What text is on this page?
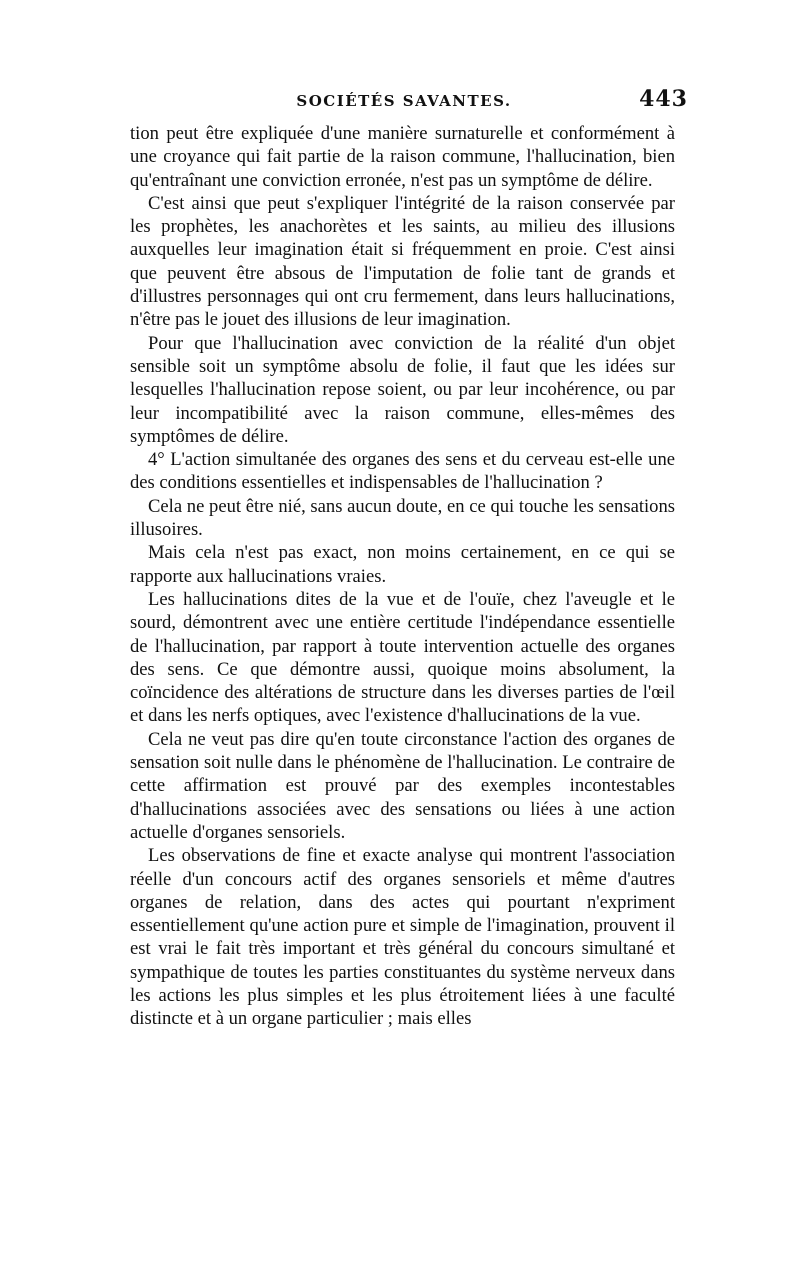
SOCIÉTÉS SAVANTES.	443

tion peut être expliquée d'une manière surnaturelle et conformément à une croyance qui fait partie de la raison commune, l'hallucination, bien qu'entraînant une conviction erronée, n'est pas un symptôme de délire.

C'est ainsi que peut s'expliquer l'intégrité de la raison conservée par les prophètes, les anachorètes et les saints, au milieu des illusions auxquelles leur imagination était si fréquemment en proie. C'est ainsi que peuvent être absous de l'imputation de folie tant de grands et d'illustres personnages qui ont cru fermement, dans leurs hallucinations, n'être pas le jouet des illusions de leur imagination.

Pour que l'hallucination avec conviction de la réalité d'un objet sensible soit un symptôme absolu de folie, il faut que les idées sur lesquelles l'hallucination repose soient, ou par leur incohérence, ou par leur incompatibilité avec la raison commune, elles-mêmes des symptômes de délire.

4° L'action simultanée des organes des sens et du cerveau est-elle une des conditions essentielles et indispensables de l'hallucination ?

Cela ne peut être nié, sans aucun doute, en ce qui touche les sensations illusoires.

Mais cela n'est pas exact, non moins certainement, en ce qui se rapporte aux hallucinations vraies.

Les hallucinations dites de la vue et de l'ouïe, chez l'aveugle et le sourd, démontrent avec une entière certitude l'indépendance essentielle de l'hallucination, par rapport à toute intervention actuelle des organes des sens. Ce que démontre aussi, quoique moins absolument, la coïncidence des altérations de structure dans les diverses parties de l'œil et dans les nerfs optiques, avec l'existence d'hallucinations de la vue.

Cela ne veut pas dire qu'en toute circonstance l'action des organes de sensation soit nulle dans le phénomène de l'hallucination. Le contraire de cette affirmation est prouvé par des exemples incontestables d'hallucinations associées avec des sensations ou liées à une action actuelle d'organes sensoriels.

Les observations de fine et exacte analyse qui montrent l'association réelle d'un concours actif des organes sensoriels et même d'autres organes de relation, dans des actes qui pourtant n'expriment essentiellement qu'une action pure et simple de l'imagination, prouvent il est vrai le fait très important et très général du concours simultané et sympathique de toutes les parties constituantes du système nerveux dans les actions les plus simples et les plus étroitement liées à une faculté distincte et à un organe particulier ; mais elles
